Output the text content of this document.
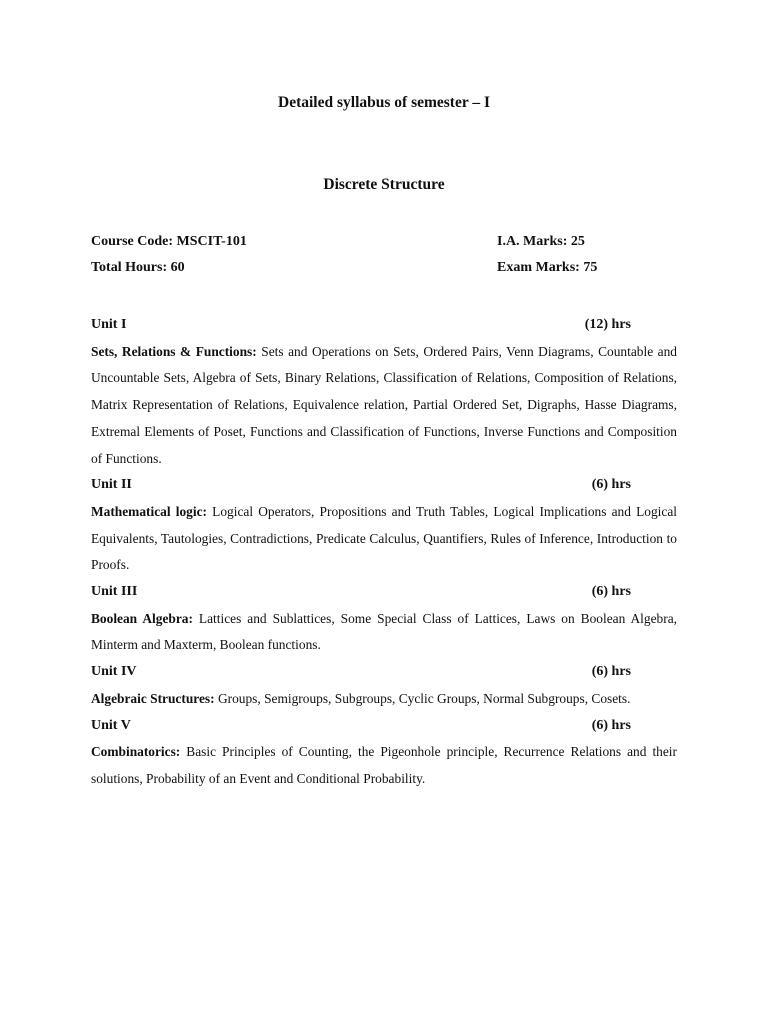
Detailed syllabus of semester – I
Discrete Structure
Course Code: MSCIT-101	I.A. Marks: 25
Total Hours: 60	Exam Marks: 75
Unit I	(12) hrs

Sets, Relations & Functions: Sets and Operations on Sets, Ordered Pairs, Venn Diagrams, Countable and Uncountable Sets, Algebra of Sets, Binary Relations, Classification of Relations, Composition of Relations, Matrix Representation of Relations, Equivalence relation, Partial Ordered Set, Digraphs, Hasse Diagrams, Extremal Elements of Poset, Functions and Classification of Functions, Inverse Functions and Composition of Functions.

Unit II	(6) hrs

Mathematical logic: Logical Operators, Propositions and Truth Tables, Logical Implications and Logical Equivalents, Tautologies, Contradictions, Predicate Calculus, Quantifiers, Rules of Inference, Introduction to Proofs.

Unit III	(6) hrs

Boolean Algebra: Lattices and Sublattices, Some Special Class of Lattices, Laws on Boolean Algebra, Minterm and Maxterm, Boolean functions.

Unit IV	(6) hrs

Algebraic Structures: Groups, Semigroups, Subgroups, Cyclic Groups, Normal Subgroups, Cosets.

Unit V	(6) hrs

Combinatorics: Basic Principles of Counting, the Pigeonhole principle, Recurrence Relations and their solutions, Probability of an Event and Conditional Probability.
